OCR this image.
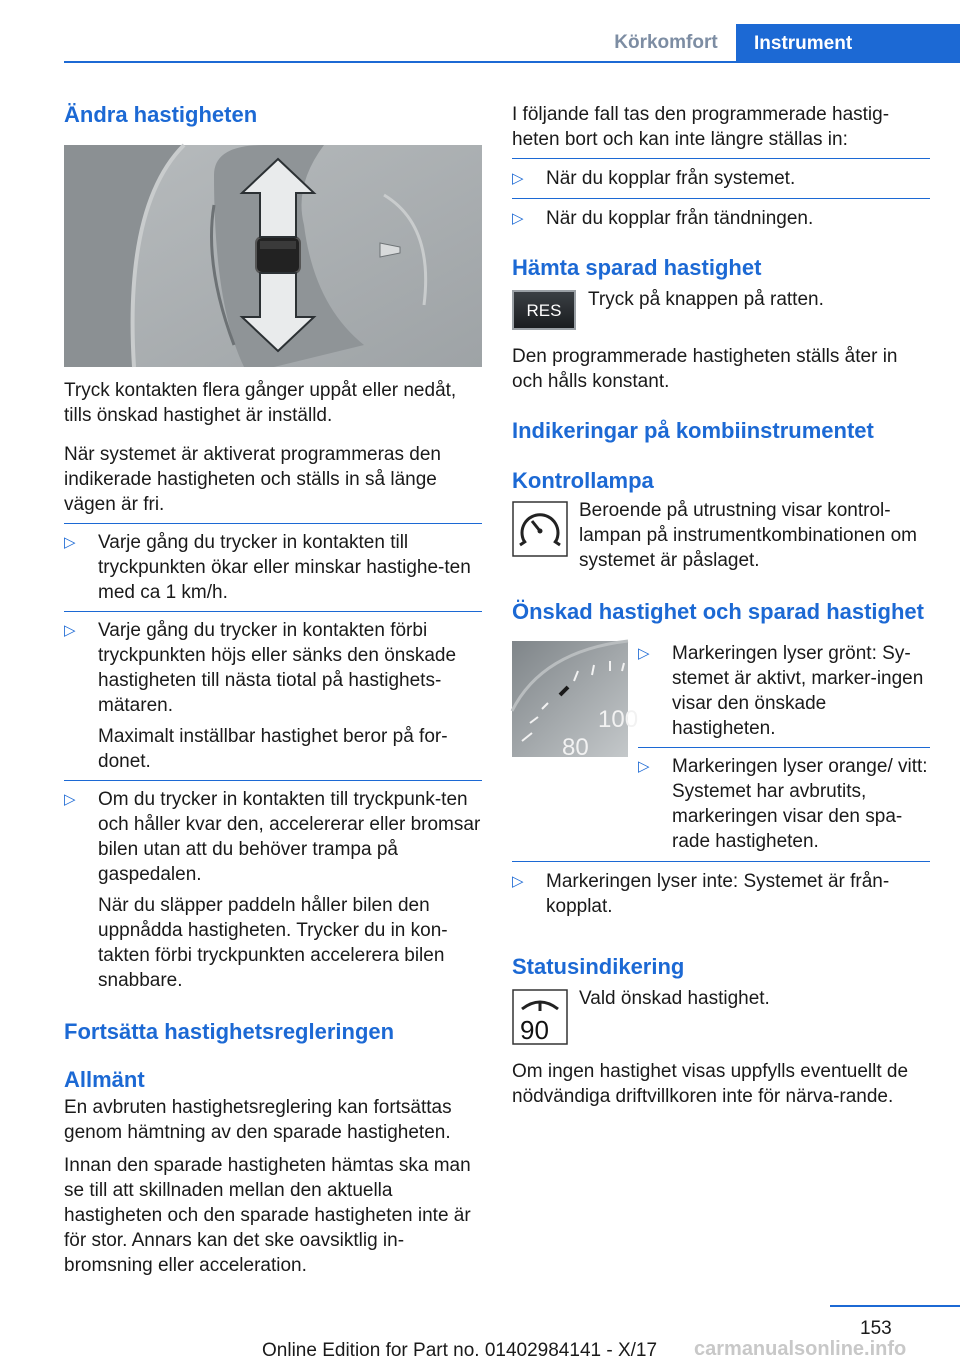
Körkomfort	Instrument
Ändra hastigheten

Tryck kontakten flera gånger uppåt eller nedåt, tills önskad hastighet är inställd.

När systemet är aktiverat programmeras den indikerade hastigheten och ställs in så länge vägen är fri.

▷	Varje gång du trycker in kontakten till tryckpunkten ökar eller minskar hastighe-ten med ca 1 km/h.
▷	Varje gång du trycker in kontakten förbi tryckpunkten höjs eller sänks den önskade hastigheten till nästa tiotal på hastighets-mätaren.

Maximalt inställbar hastighet beror på for-donet.

▷	Om du trycker in kontakten till tryckpunk-ten och håller kvar den, accelererar eller bromsar bilen utan att du behöver trampa på gaspedalen.

När du släpper paddeln håller bilen den uppnådda hastigheten. Trycker du in kon-takten förbi tryckpunkten accelerera bilen snabbare.

Fortsätta hastighetsregleringen
Allmänt

En avbruten hastighetsreglering kan fortsättas genom hämtning av den sparade hastigheten.

Innan den sparade hastigheten hämtas ska man se till att skillnaden mellan den aktuella hastigheten och den sparade hastigheten inte är för stor. Annars kan det ske oavsiktlig in-bromsning eller acceleration.

I följande fall tas den programmerade hastig-heten bort och kan inte längre ställas in:

▷	När du kopplar från systemet.
▷	När du kopplar från tändningen.
Hämta sparad hastighet
RES Tryck på knappen på ratten.

Den programmerade hastigheten ställs åter in och hålls konstant.

Indikeringar på kombiinstrumentet
Kontrollampa
Beroende på utrustning visar kontrol-lampan på instrumentkombinationen om systemet är påslaget.
Önskad hastighet och sparad hastighet
100
80
▷	Markeringen lyser grönt: Sy-stemet är aktivt, marker-ingen visar den önskade hastigheten.
▷	Markeringen lyser orange/ vitt: Systemet har avbrutits, markeringen visar den spa-rade hastigheten.
▷	Markeringen lyser inte: Systemet är från-kopplat.
Statusindikering
90
Vald önskad hastighet.

Om ingen hastighet visas uppfylls eventuellt de nödvändiga driftvillkoren inte för närva-rande.

153
Online Edition for Part no. 01402984141 - X/17 carmanualsonline.info
